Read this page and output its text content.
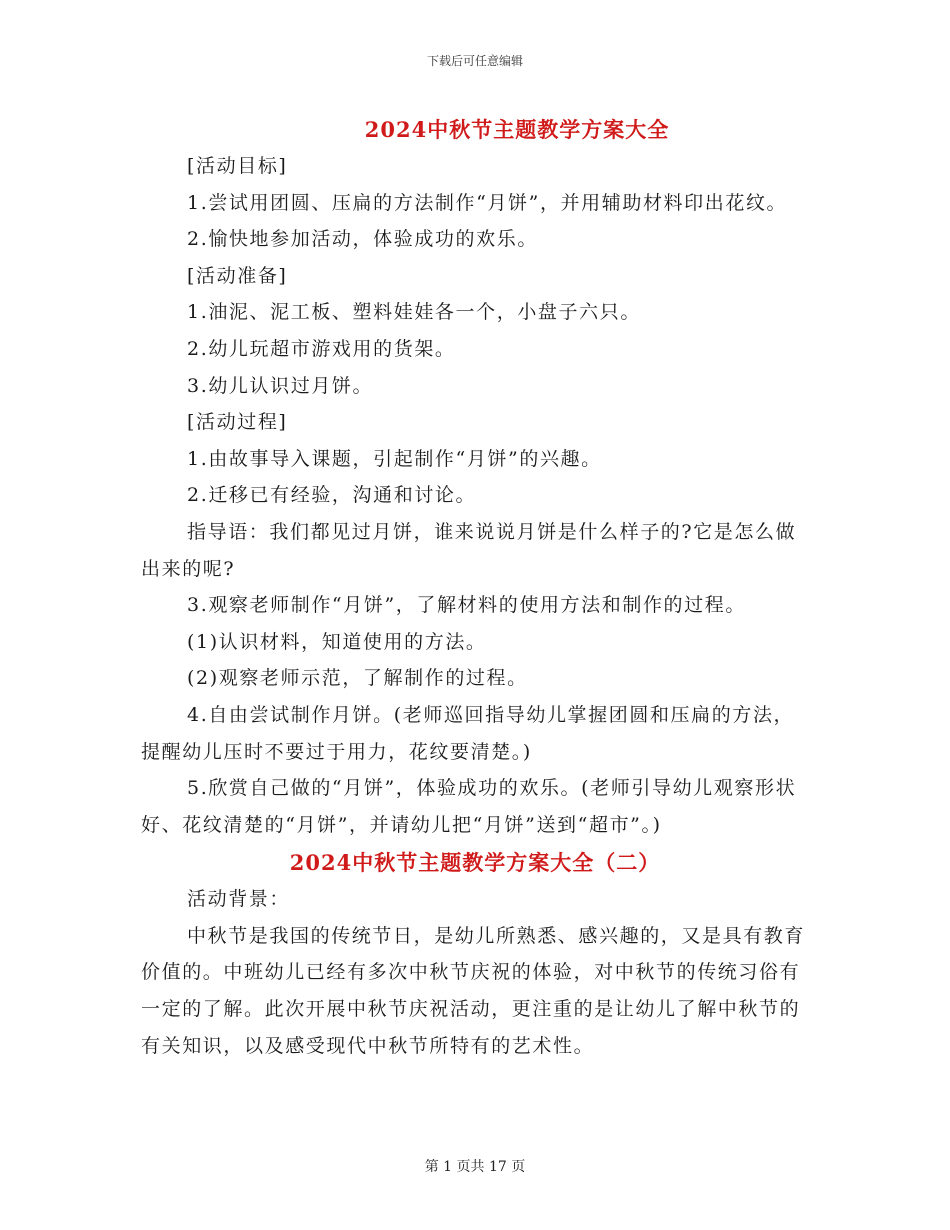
下载后可任意编辑
2024中秋节主题教学方案大全

[活动目标]

1.尝试用团圆、压扁的方法制作“月饼”，并用辅助材料印出花纹。

2.愉快地参加活动，体验成功的欢乐。

[活动准备]

1.油泥、泥工板、塑料娃娃各一个，小盘子六只。

2.幼儿玩超市游戏用的货架。

3.幼儿认识过月饼。

[活动过程]

1.由故事导入课题，引起制作“月饼”的兴趣。

2.迁移已有经验，沟通和讨论。

指导语：我们都见过月饼，谁来说说月饼是什么样子的?它是怎么做出来的呢?

3.观察老师制作“月饼”，了解材料的使用方法和制作的过程。

(1)认识材料，知道使用的方法。

(2)观察老师示范，了解制作的过程。

4.自由尝试制作月饼。(老师巡回指导幼儿掌握团圆和压扁的方法，提醒幼儿压时不要过于用力，花纹要清楚。)

5.欣赏自己做的“月饼”，体验成功的欢乐。(老师引导幼儿观察形状好、花纹清楚的“月饼”，并请幼儿把“月饼”送到“超市”。)

2024中秋节主题教学方案大全（二）

活动背景：

中秋节是我国的传统节日，是幼儿所熟悉、感兴趣的，又是具有教育价值的。中班幼儿已经有多次中秋节庆祝的体验，对中秋节的传统习俗有一定的了解。此次开展中秋节庆祝活动，更注重的是让幼儿了解中秋节的有关知识，以及感受现代中秋节所特有的艺术性。

第 1 页共 17 页
